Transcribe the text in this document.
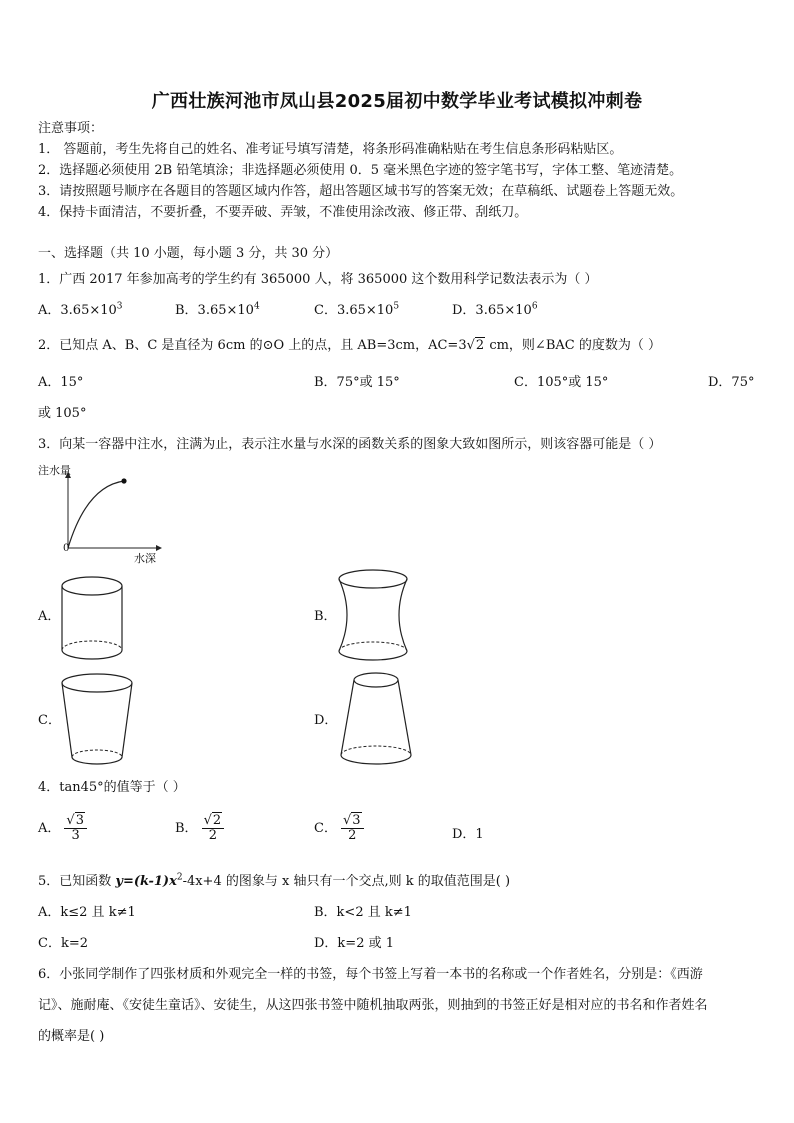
广西壮族河池市凤山县2025届初中数学毕业考试模拟冲刺卷
注意事项：
1． 答题前，考生先将自己的姓名、准考证号填写清楚，将条形码准确粘贴在考生信息条形码粘贴区。
2．选择题必须使用 2B 铅笔填涂；非选择题必须使用 0．5 毫米黑色字迹的签字笔书写，字体工整、笔迹清楚。
3．请按照题号顺序在各题目的答题区域内作答，超出答题区域书写的答案无效；在草稿纸、试题卷上答题无效。
4．保持卡面清洁，不要折叠，不要弄破、弄皱，不准使用涂改液、修正带、刮纸刀。
一、选择题（共 10 小题，每小题 3 分，共 30 分）
1．广西 2017 年参加高考的学生约有 365000 人，将 365000 这个数用科学记数法表示为（ ）
A．$3.65\times 10^3$	B．$3.65\times 10^4$	C．$3.65\times 10^5$	D．$3.65\times 10^6$
2．已知点 A、B、C 是直径为 6cm 的⊙O 上的点，且 AB=3cm，AC=3√2 cm，则∠BAC 的度数为（ ）
A．15°	B．75°或 15°	C．105°或 15°	D．75°
或 105°
3．向某一容器中注水，注满为止，表示注水量与水深的函数关系的图象大致如图所示，则该容器可能是（ ）
注水量
0
水深
A．	B．
C．	D．
4．tan45°的值等于（ ）
A． $\frac{√3}{3}$	B． $\frac{√2}{2}$	C． $\frac{√3}{2}$	D．1
5．已知函数 $y=(k-1)x^2-4x+4$ 的图象与 x 轴只有一个交点,则 k 的取值范围是( )
A．k≤2 且 k≠1	B．k<2 且 k≠1
C．k=2	D．k=2 或 1
6．小张同学制作了四张材质和外观完全一样的书签，每个书签上写着一本书的名称或一个作者姓名，分别是：《西游
记》、施耐庵、《安徒生童话》、安徒生，从这四张书签中随机抽取两张，则抽到的书签正好是相对应的书名和作者姓名
的概率是( )
